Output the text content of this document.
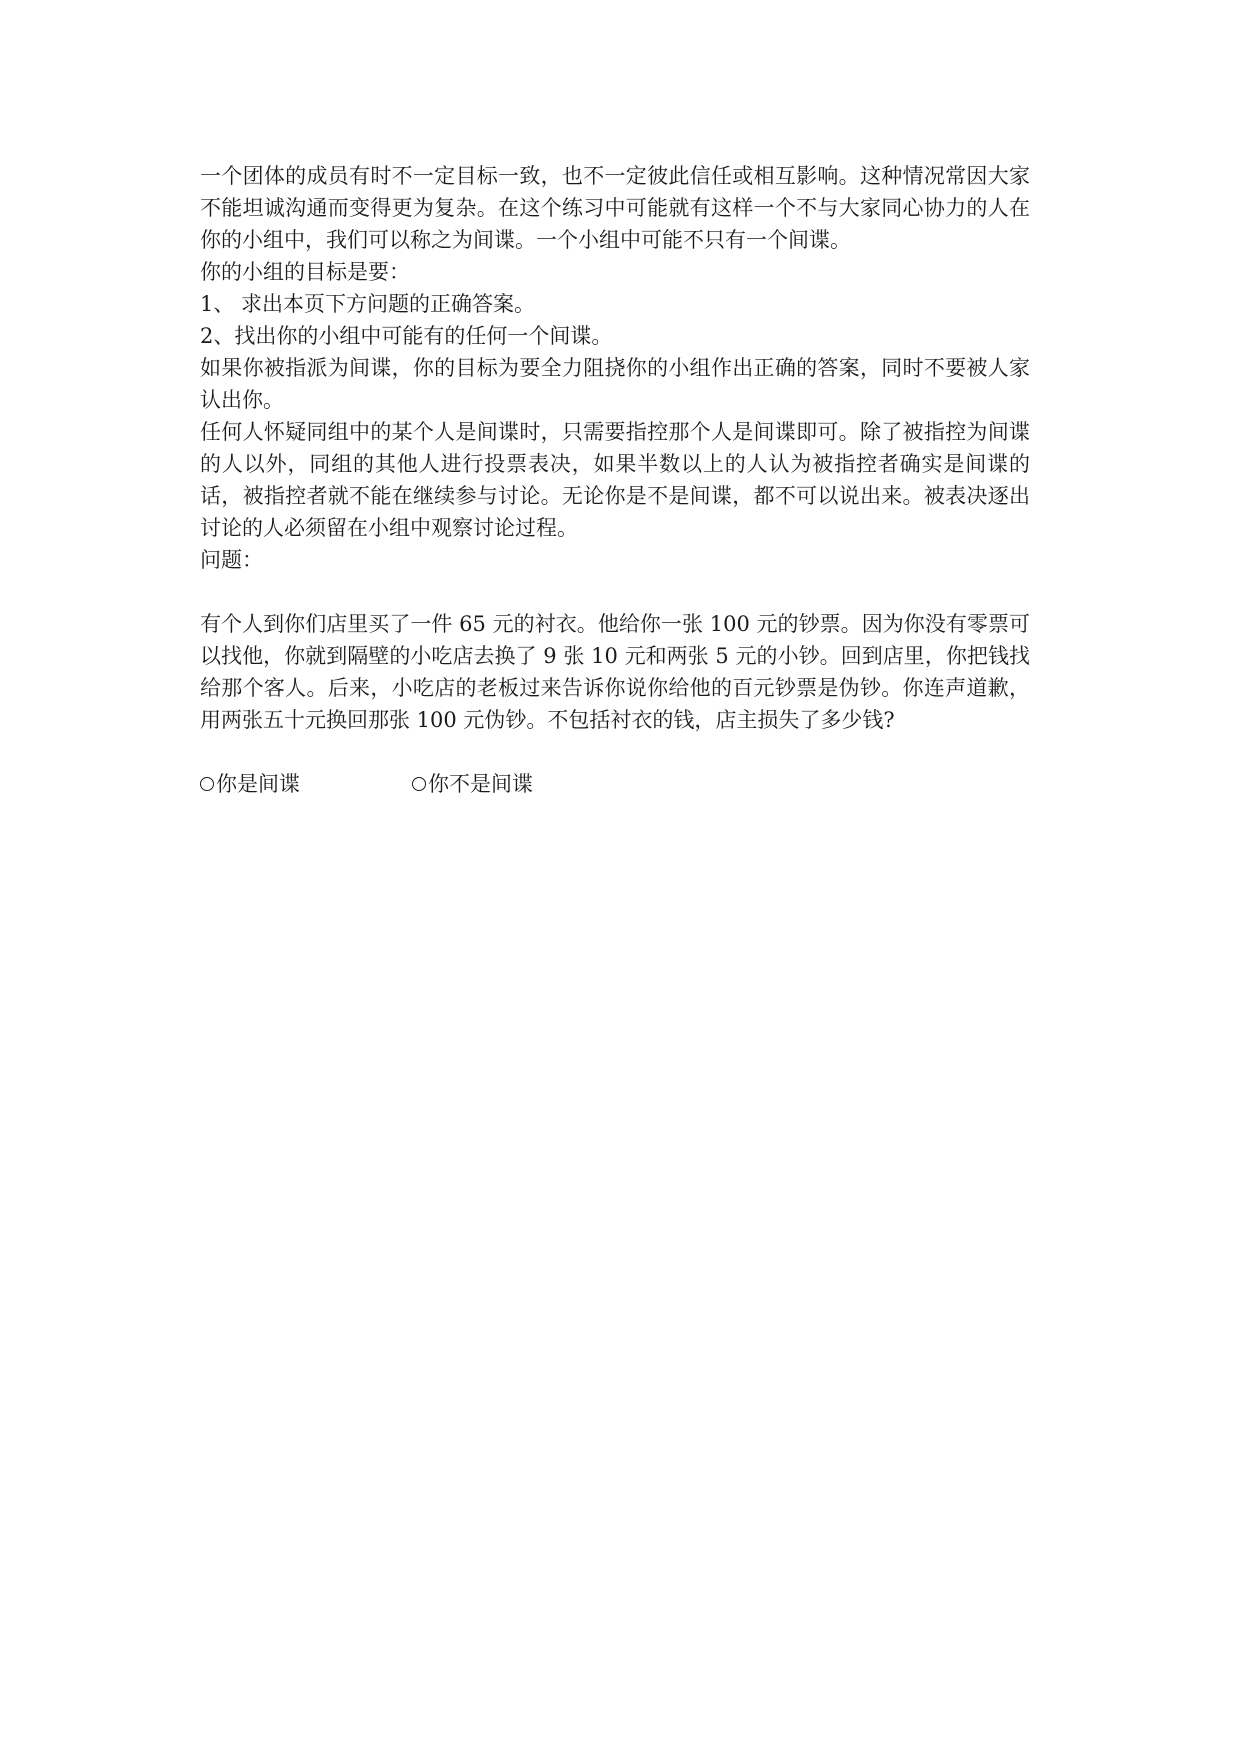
一个团体的成员有时不一定目标一致，也不一定彼此信任或相互影响。这种情况常因大家不能坦诚沟通而变得更为复杂。在这个练习中可能就有这样一个不与大家同心协力的人在你的小组中，我们可以称之为间谍。一个小组中可能不只有一个间谍。

你的小组的目标是要：

1、 求出本页下方问题的正确答案。

2、找出你的小组中可能有的任何一个间谍。

如果你被指派为间谍，你的目标为要全力阻挠你的小组作出正确的答案，同时不要被人家认出你。

任何人怀疑同组中的某个人是间谍时，只需要指控那个人是间谍即可。除了被指控为间谍的人以外，同组的其他人进行投票表决，如果半数以上的人认为被指控者确实是间谍的话，被指控者就不能在继续参与讨论。无论你是不是间谍，都不可以说出来。被表决逐出讨论的人必须留在小组中观察讨论过程。

问题：

有个人到你们店里买了一件 65 元的衬衣。他给你一张 100 元的钞票。因为你没有零票可以找他，你就到隔壁的小吃店去换了 9 张 10 元和两张 5 元的小钞。回到店里，你把钱找给那个客人。后来，小吃店的老板过来告诉你说你给他的百元钞票是伪钞。你连声道歉，用两张五十元换回那张 100 元伪钞。不包括衬衣的钱，店主损失了多少钱?

你是间谍	你不是间谍
